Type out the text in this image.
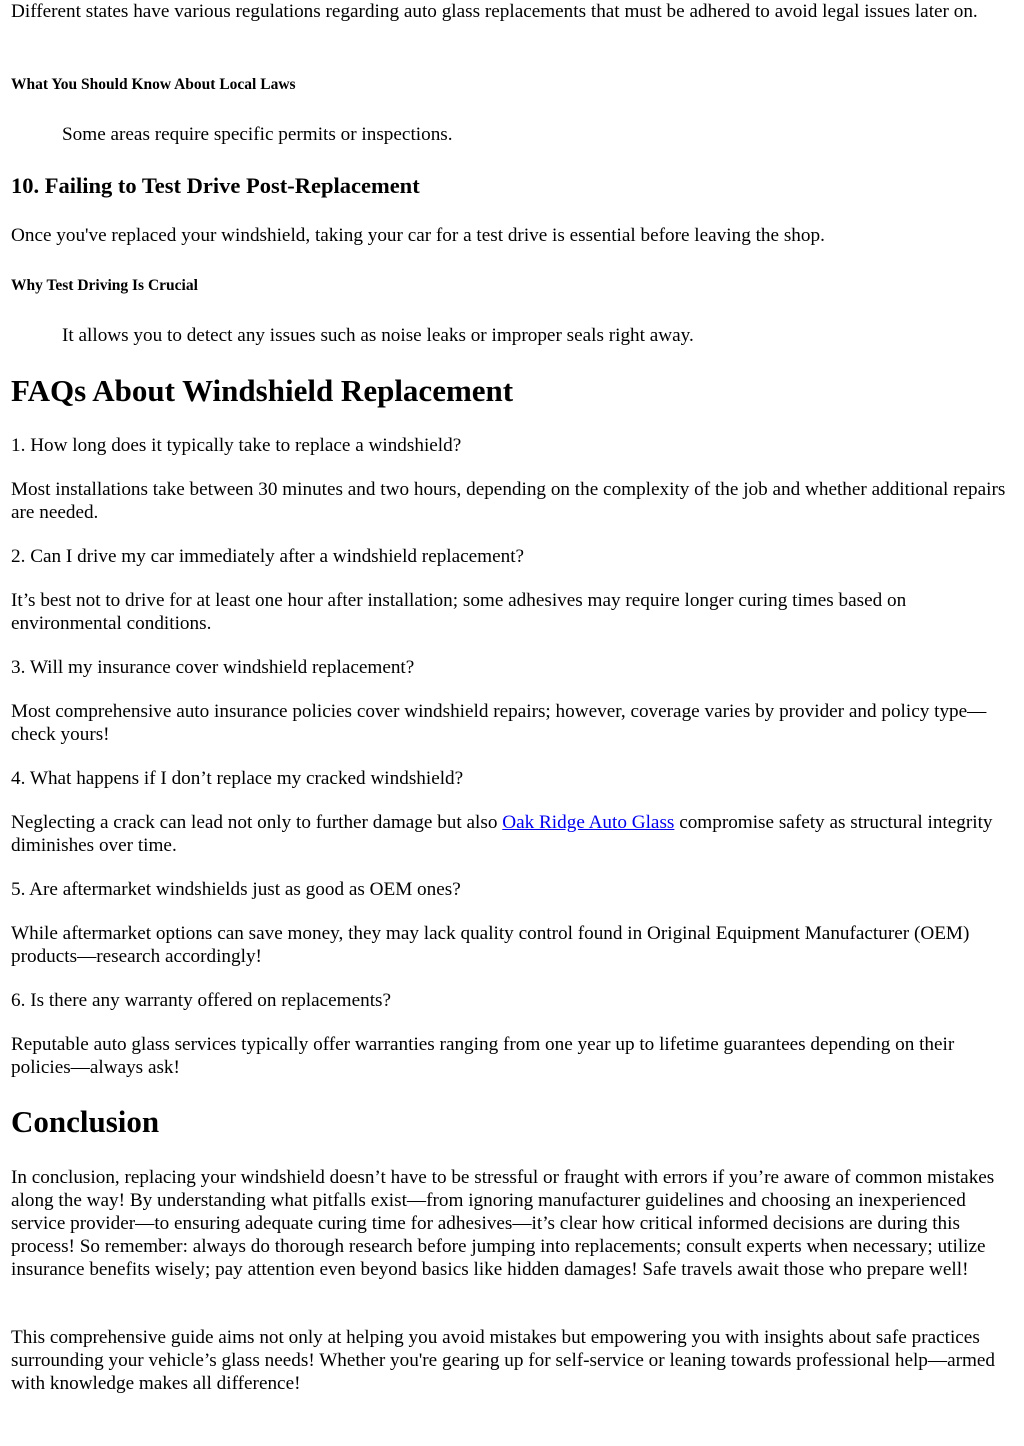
Different states have various regulations regarding auto glass replacements that must be adhered to avoid legal issues later on.

What You Should Know About Local Laws
Some areas require specific permits or inspections.
10. Failing to Test Drive Post-Replacement

Once you've replaced your windshield, taking your car for a test drive is essential before leaving the shop.

Why Test Driving Is Crucial
It allows you to detect any issues such as noise leaks or improper seals right away.
FAQs About Windshield Replacement

1. How long does it typically take to replace a windshield?

Most installations take between 30 minutes and two hours, depending on the complexity of the job and whether additional repairs are needed.

2. Can I drive my car immediately after a windshield replacement?

It’s best not to drive for at least one hour after installation; some adhesives may require longer curing times based on environmental conditions.

3. Will my insurance cover windshield replacement?

Most comprehensive auto insurance policies cover windshield repairs; however, coverage varies by provider and policy type—check yours!

4. What happens if I don’t replace my cracked windshield?

Neglecting a crack can lead not only to further damage but also Oak Ridge Auto Glass compromise safety as structural integrity diminishes over time.

5. Are aftermarket windshields just as good as OEM ones?

While aftermarket options can save money, they may lack quality control found in Original Equipment Manufacturer (OEM) products—research accordingly!

6. Is there any warranty offered on replacements?

Reputable auto glass services typically offer warranties ranging from one year up to lifetime guarantees depending on their policies—always ask!

Conclusion

In conclusion, replacing your windshield doesn’t have to be stressful or fraught with errors if you’re aware of common mistakes along the way! By understanding what pitfalls exist—from ignoring manufacturer guidelines and choosing an inexperienced service provider—to ensuring adequate curing time for adhesives—it’s clear how critical informed decisions are during this process! So remember: always do thorough research before jumping into replacements; consult experts when necessary; utilize insurance benefits wisely; pay attention even beyond basics like hidden damages! Safe travels await those who prepare well!

This comprehensive guide aims not only at helping you avoid mistakes but empowering you with insights about safe practices surrounding your vehicle’s glass needs! Whether you're gearing up for self-service or leaning towards professional help—armed with knowledge makes all difference!
